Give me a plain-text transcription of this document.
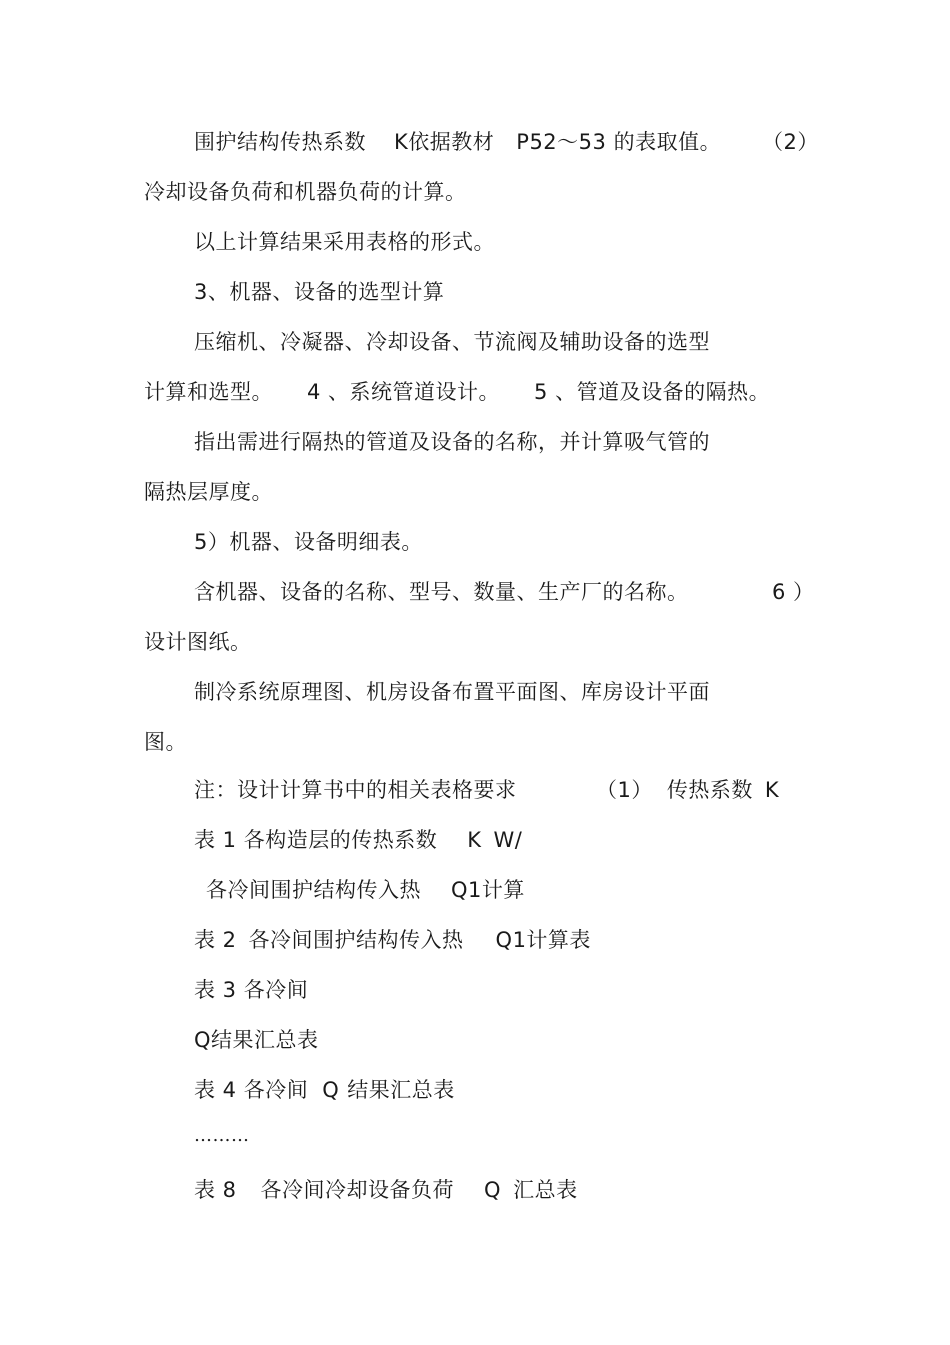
围护结构传热系数 K依据教材 P52～53 的表取值。 （2）
冷却设备负荷和机器负荷的计算。
以上计算结果采用表格的形式。
3、机器、设备的选型计算
压缩机、冷凝器、冷却设备、节流阀及辅助设备的选型
计算和选型。 4 、系统管道设计。 5 、管道及设备的隔热。
指出需进行隔热的管道及设备的名称，并计算吸气管的
隔热层厚度。
5）机器、设备明细表。
含机器、设备的名称、型号、数量、生产厂的名称。	6 ）
设计图纸。
制冷系统原理图、机房设备布置平面图、库房设计平面
图。
注：设计计算书中的相关表格要求	（1） 传热系数 K
表 1 各构造层的传热系数 K W/
各冷间围护结构传入热 Q1计算
表 2 各冷间围护结构传入热 Q1计算表
表 3 各冷间
Q结果汇总表
表 4 各冷间 Q 结果汇总表
………
表 8 各冷间冷却设备负荷 Q 汇总表
